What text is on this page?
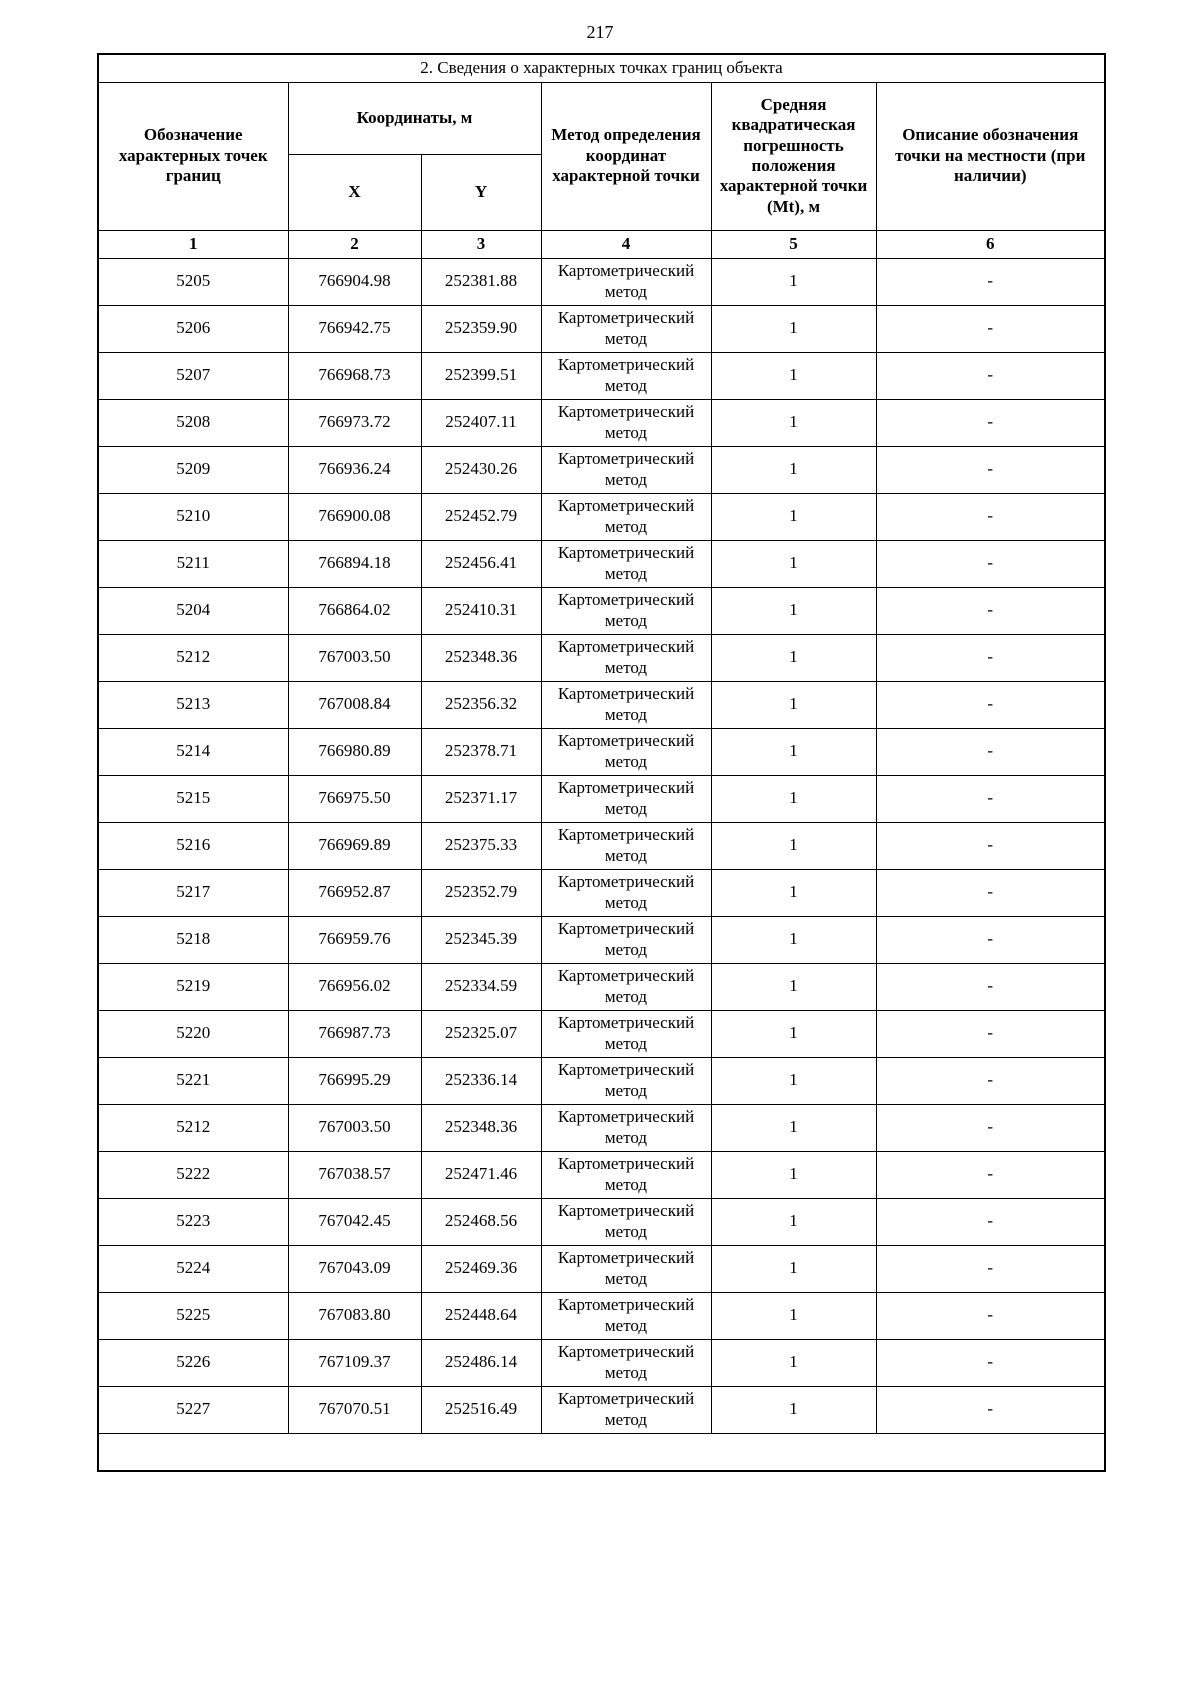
217
2. Сведения о характерных точках границ объекта					
Обозначение характерных точек границ	Координаты, м		Метод определения координат характерной точки	Средняя квадратическая погрешность положения характерной точки (Mt), м	Описание обозначения точки на местности (при наличии)
	X	Y			
1	2	3	4	5	6
5205	766904.98	252381.88	Картометрический метод	1	-
5206	766942.75	252359.90	Картометрический метод	1	-
5207	766968.73	252399.51	Картометрический метод	1	-
5208	766973.72	252407.11	Картометрический метод	1	-
5209	766936.24	252430.26	Картометрический метод	1	-
5210	766900.08	252452.79	Картометрический метод	1	-
5211	766894.18	252456.41	Картометрический метод	1	-
5204	766864.02	252410.31	Картометрический метод	1	-
5212	767003.50	252348.36	Картометрический метод	1	-
5213	767008.84	252356.32	Картометрический метод	1	-
5214	766980.89	252378.71	Картометрический метод	1	-
5215	766975.50	252371.17	Картометрический метод	1	-
5216	766969.89	252375.33	Картометрический метод	1	-
5217	766952.87	252352.79	Картометрический метод	1	-
5218	766959.76	252345.39	Картометрический метод	1	-
5219	766956.02	252334.59	Картометрический метод	1	-
5220	766987.73	252325.07	Картометрический метод	1	-
5221	766995.29	252336.14	Картометрический метод	1	-
5212	767003.50	252348.36	Картометрический метод	1	-
5222	767038.57	252471.46	Картометрический метод	1	-
5223	767042.45	252468.56	Картометрический метод	1	-
5224	767043.09	252469.36	Картометрический метод	1	-
5225	767083.80	252448.64	Картометрический метод	1	-
5226	767109.37	252486.14	Картометрический метод	1	-
5227	767070.51	252516.49	Картометрический метод	1	-
